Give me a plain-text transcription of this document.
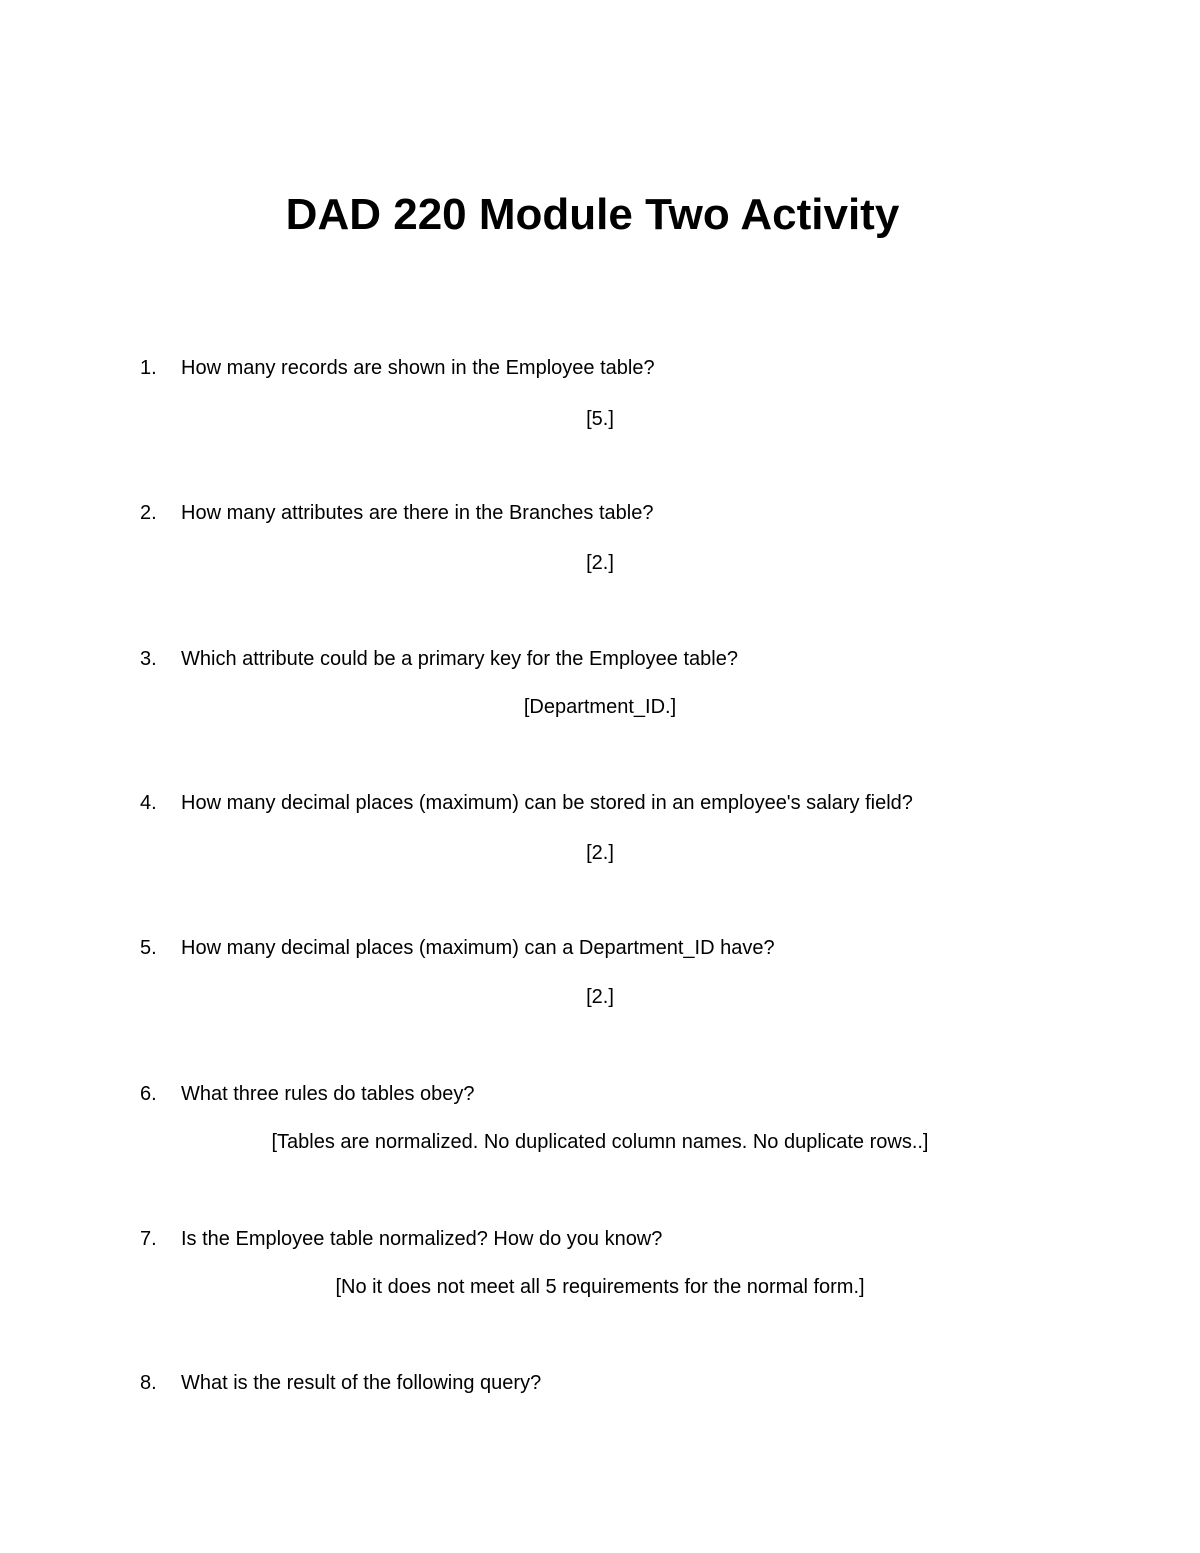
DAD 220 Module Two Activity
1. How many records are shown in the Employee table?
[5.]
2. How many attributes are there in the Branches table?
[2.]
3. Which attribute could be a primary key for the Employee table?
[Department_ID.]
4. How many decimal places (maximum) can be stored in an employee's salary field?
[2.]
5. How many decimal places (maximum) can a Department_ID have?
[2.]
6. What three rules do tables obey?
[Tables are normalized. No duplicated column names. No duplicate rows..]
7. Is the Employee table normalized? How do you know?
[No it does not meet all 5 requirements for the normal form.]
8. What is the result of the following query?
